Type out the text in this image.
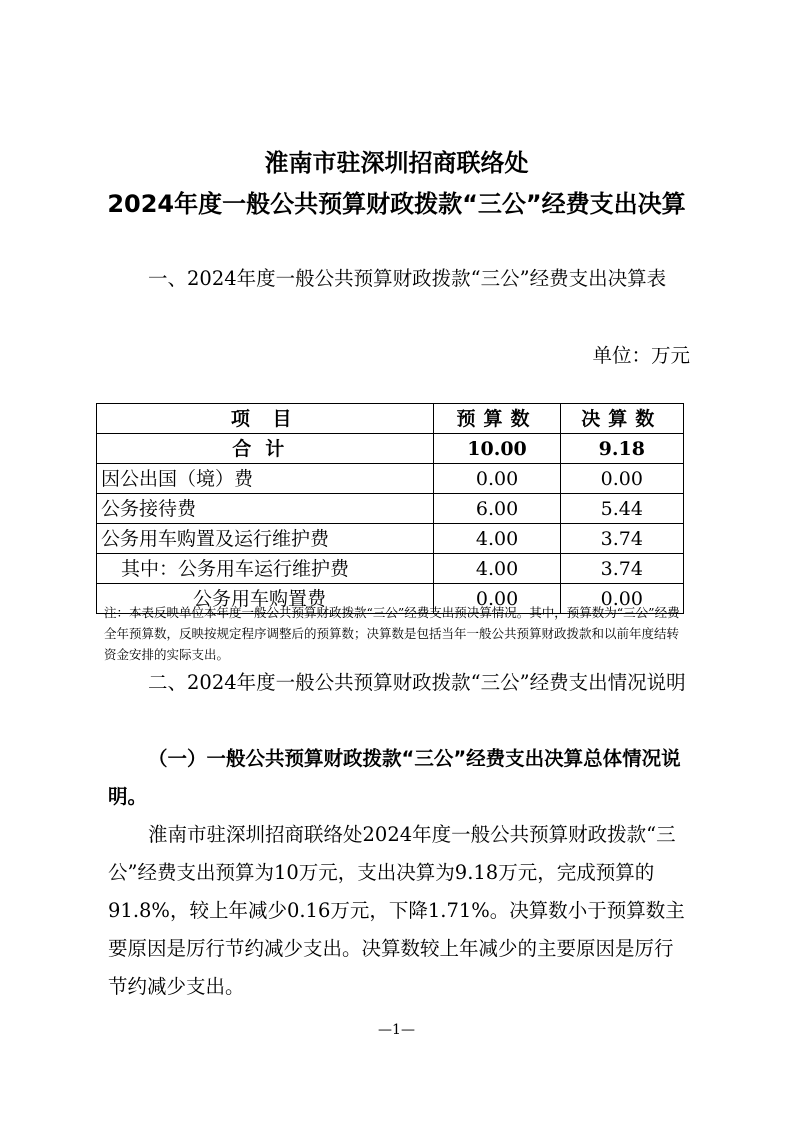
淮南市驻深圳招商联络处
2024年度一般公共预算财政拨款“三公”经费支出决算
一、2024年度一般公共预算财政拨款“三公”经费支出决算表
单位：万元
项 目	预算数	决算数
合计	10.00	9.18
因公出国（境）费	0.00	0.00
公务接待费	6.00	5.44
公务用车购置及运行维护费	4.00	3.74
其中：公务用车运行维护费	4.00	3.74
公务用车购置费	0.00	0.00
注：本表反映单位本年度一般公共预算财政拨款“三公”经费支出预决算情况。其中，预算数为“三公”经费全年预算数，反映按规定程序调整后的预算数；决算数是包括当年一般公共预算财政拨款和以前年度结转资金安排的实际支出。
二、2024年度一般公共预算财政拨款“三公”经费支出情况说明
（一）一般公共预算财政拨款“三公”经费支出决算总体情况说明。
淮南市驻深圳招商联络处2024年度一般公共预算财政拨款“三公”经费支出预算为10万元，支出决算为9.18万元，完成预算的91.8%，较上年减少0.16万元，下降1.71%。决算数小于预算数主要原因是厉行节约减少支出。决算数较上年减少的主要原因是厉行节约减少支出。
—1—
